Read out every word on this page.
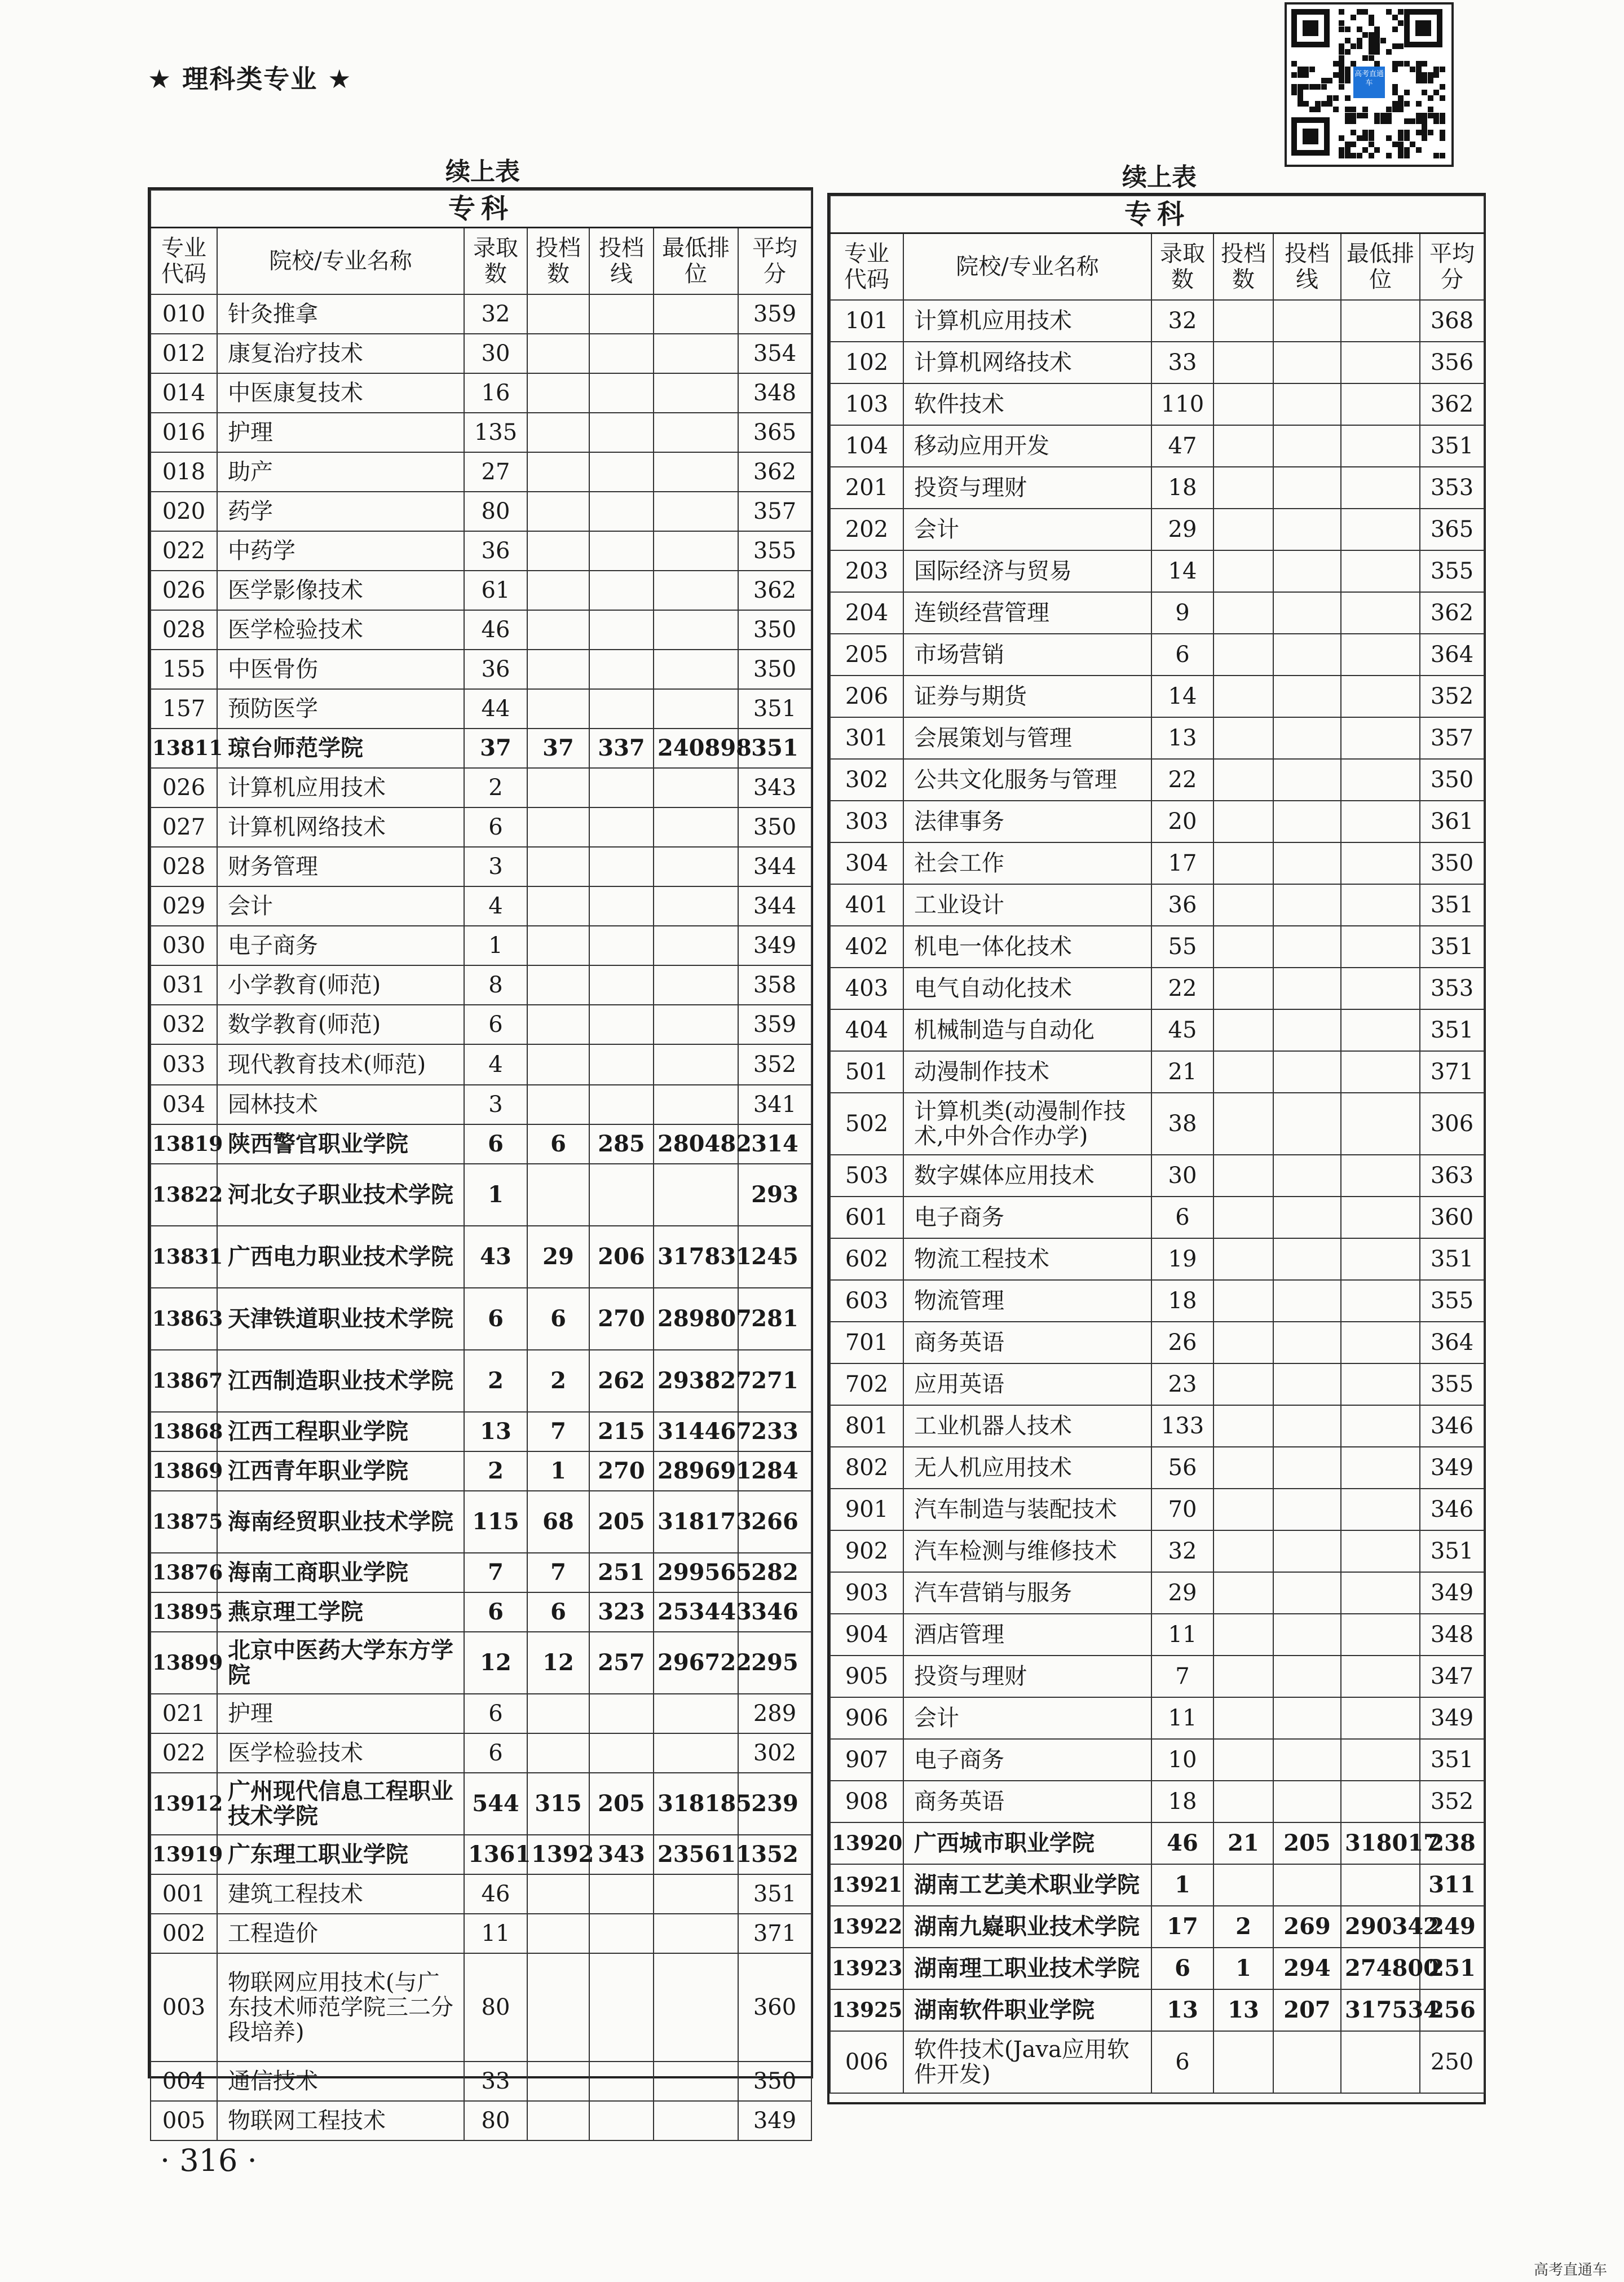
★ 理科类专业 ★	高考直通车
续上表	续上表
专科						
专业代码	院校/专业名称	录取数	投档数	投档线	最低排位	平均分
010	针灸推拿	32				359
012	康复治疗技术	30				354
014	中医康复技术	16				348
016	护理	135				365
018	助产	27				362
020	药学	80				357
022	中药学	36				355
026	医学影像技术	61				362
028	医学检验技术	46				350
155	中医骨伤	36				350
157	预防医学	44				351
13811	琼台师范学院	37	37	337	240898	351
026	计算机应用技术	2				343
027	计算机网络技术	6				350
028	财务管理	3				344
029	会计	4				344
030	电子商务	1				349
031	小学教育(师范)	8				358
032	数学教育(师范)	6				359
033	现代教育技术(师范)	4				352
034	园林技术	3				341
13819	陕西警官职业学院	6	6	285	280482	314
13822	河北女子职业技术学院	1				293
13831	广西电力职业技术学院	43	29	206	317831	245
13863	天津铁道职业技术学院	6	6	270	289807	281
13867	江西制造职业技术学院	2	2	262	293827	271
13868	江西工程职业学院	13	7	215	314467	233
13869	江西青年职业学院	2	1	270	289691	284
13875	海南经贸职业技术学院	115	68	205	318173	266
13876	海南工商职业学院	7	7	251	299565	282
13895	燕京理工学院	6	6	323	253443	346
13899	北京中医药大学东方学院	12	12	257	296722	295
021	护理	6				289
022	医学检验技术	6				302
13912	广州现代信息工程职业技术学院	544	315	205	318185	239
13919	广东理工职业学院	1361	1392	343	235611	352
001	建筑工程技术	46				351
002	工程造价	11				371
003	物联网应用技术(与广东技术师范学院三二分段培养)	80				360
004	通信技术	33				350
005	物联网工程技术	80				349
专科						
专业代码	院校/专业名称	录取数	投档数	投档线	最低排位	平均分
101	计算机应用技术	32				368
102	计算机网络技术	33				356
103	软件技术	110				362
104	移动应用开发	47				351
201	投资与理财	18				353
202	会计	29				365
203	国际经济与贸易	14				355
204	连锁经营管理	9				362
205	市场营销	6				364
206	证券与期货	14				352
301	会展策划与管理	13				357
302	公共文化服务与管理	22				350
303	法律事务	20				361
304	社会工作	17				350
401	工业设计	36				351
402	机电一体化技术	55				351
403	电气自动化技术	22				353
404	机械制造与自动化	45				351
501	动漫制作技术	21				371
502	计算机类(动漫制作技术,中外合作办学)	38				306
503	数字媒体应用技术	30				363
601	电子商务	6				360
602	物流工程技术	19				351
603	物流管理	18				355
701	商务英语	26				364
702	应用英语	23				355
801	工业机器人技术	133				346
802	无人机应用技术	56				349
901	汽车制造与装配技术	70				346
902	汽车检测与维修技术	32				351
903	汽车营销与服务	29				349
904	酒店管理	11				348
905	投资与理财	7				347
906	会计	11				349
907	电子商务	10				351
908	商务英语	18				352
13920	广西城市职业学院	46	21	205	318017	238
13921	湖南工艺美术职业学院	1				311
13922	湖南九嶷职业技术学院	17	2	269	290342	249
13923	湖南理工职业技术学院	6	1	294	274800	251
13925	湖南软件职业学院	13	13	207	317534	256
006	软件技术(Java应用软件开发)	6				250
· 316 ·
高考直通车
